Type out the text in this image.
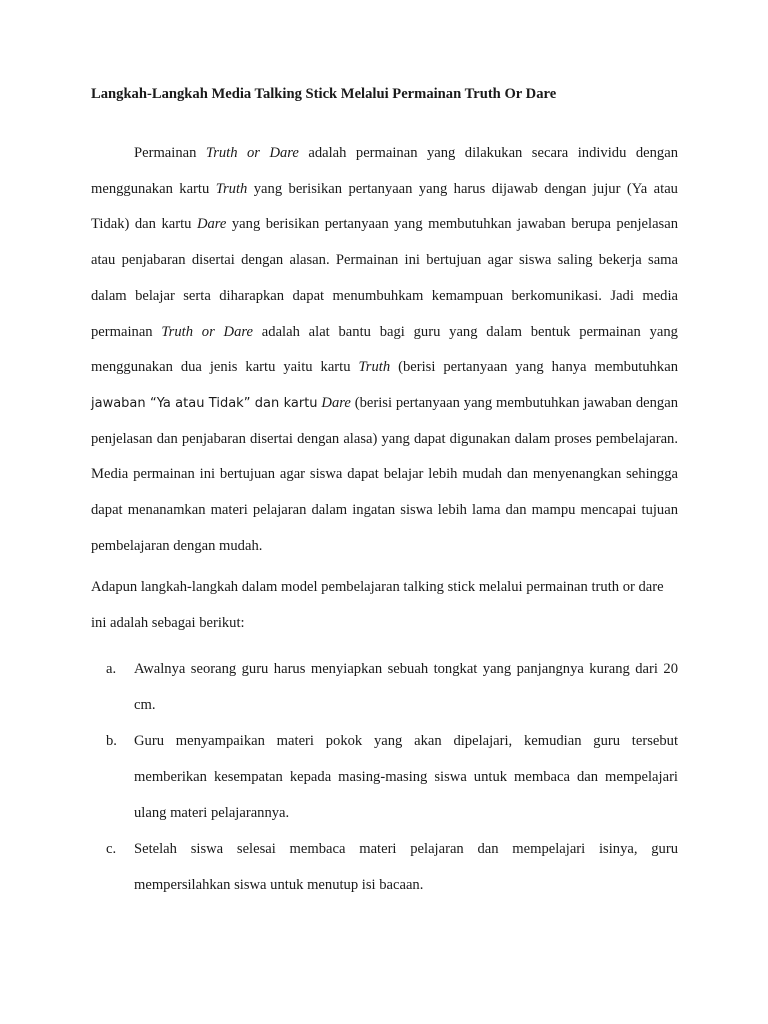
Langkah-Langkah Media Talking Stick Melalui Permainan Truth Or Dare

Permainan Truth or Dare adalah permainan yang dilakukan secara individu dengan menggunakan kartu Truth yang berisikan pertanyaan yang harus dijawab dengan jujur (Ya atau Tidak) dan kartu Dare yang berisikan pertanyaan yang membutuhkan jawaban berupa penjelasan atau penjabaran disertai dengan alasan. Permainan ini bertujuan agar siswa saling bekerja sama dalam belajar serta diharapkan dapat menumbuhkam kemampuan berkomunikasi. Jadi media permainan Truth or Dare adalah alat bantu bagi guru yang dalam bentuk permainan yang menggunakan dua jenis kartu yaitu kartu Truth (berisi pertanyaan yang hanya membutuhkan jawaban “Ya atau Tidak” dan kartu Dare (berisi pertanyaan yang membutuhkan jawaban dengan penjelasan dan penjabaran disertai dengan alasa) yang dapat digunakan dalam proses pembelajaran. Media permainan ini bertujuan agar siswa dapat belajar lebih mudah dan menyenangkan sehingga dapat menanamkan materi pelajaran dalam ingatan siswa lebih lama dan mampu mencapai tujuan pembelajaran dengan mudah.

Adapun langkah-langkah dalam model pembelajaran talking stick melalui permainan truth or dare ini adalah sebagai berikut:

a. Awalnya seorang guru harus menyiapkan sebuah tongkat yang panjangnya kurang dari 20 cm.
b. Guru menyampaikan materi pokok yang akan dipelajari, kemudian guru tersebut memberikan kesempatan kepada masing-masing siswa untuk membaca dan mempelajari ulang materi pelajarannya.
c. Setelah siswa selesai membaca materi pelajaran dan mempelajari isinya, guru mempersilahkan siswa untuk menutup isi bacaan.
